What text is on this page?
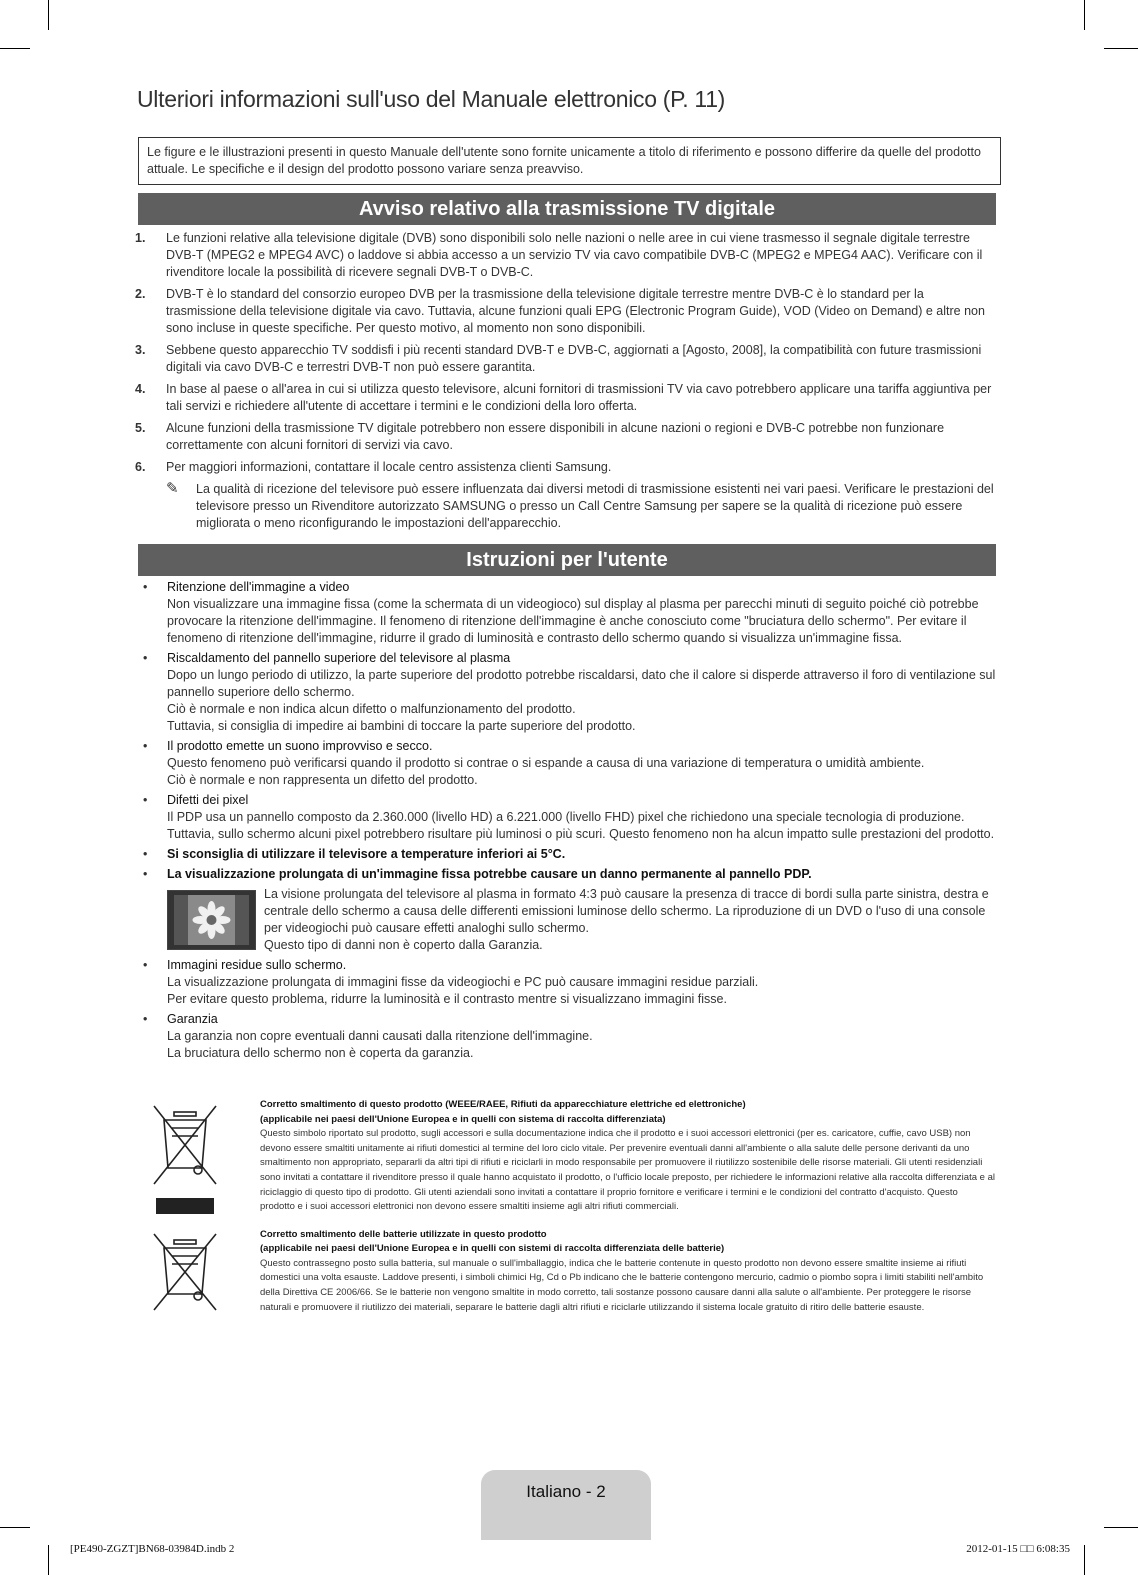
Ulteriori informazioni sull'uso del Manuale elettronico (P. 11)
Le figure e le illustrazioni presenti in questo Manuale dell'utente sono fornite unicamente a titolo di riferimento e possono differire da quelle del prodotto attuale. Le specifiche e il design del prodotto possono variare senza preavviso.
Avviso relativo alla trasmissione TV digitale
1. Le funzioni relative alla televisione digitale (DVB) sono disponibili solo nelle nazioni o nelle aree in cui viene trasmesso il segnale digitale terrestre DVB-T (MPEG2 e MPEG4 AVC) o laddove si abbia accesso a un servizio TV via cavo compatibile DVB-C (MPEG2 e MPEG4 AAC). Verificare con il rivenditore locale la possibilità di ricevere segnali DVB-T o DVB-C.
2. DVB-T è lo standard del consorzio europeo DVB per la trasmissione della televisione digitale terrestre mentre DVB-C è lo standard per la trasmissione della televisione digitale via cavo. Tuttavia, alcune funzioni quali EPG (Electronic Program Guide), VOD (Video on Demand) e altre non sono incluse in queste specifiche. Per questo motivo, al momento non sono disponibili.
3. Sebbene questo apparecchio TV soddisfi i più recenti standard DVB-T e DVB-C, aggiornati a [Agosto, 2008], la compatibilità con future trasmissioni digitali via cavo DVB-C e terrestri DVB-T non può essere garantita.
4. In base al paese o all'area in cui si utilizza questo televisore, alcuni fornitori di trasmissioni TV via cavo potrebbero applicare una tariffa aggiuntiva per tali servizi e richiedere all'utente di accettare i termini e le condizioni della loro offerta.
5. Alcune funzioni della trasmissione TV digitale potrebbero non essere disponibili in alcune nazioni o regioni e DVB-C potrebbe non funzionare correttamente con alcuni fornitori di servizi via cavo.
6. Per maggiori informazioni, contattare il locale centro assistenza clienti Samsung.
✎ La qualità di ricezione del televisore può essere influenzata dai diversi metodi di trasmissione esistenti nei vari paesi. Verificare le prestazioni del televisore presso un Rivenditore autorizzato SAMSUNG o presso un Call Centre Samsung per sapere se la qualità di ricezione può essere migliorata o meno riconfigurando le impostazioni dell'apparecchio.
Istruzioni per l'utente
• Ritenzione dell'immagine a video
Non visualizzare una immagine fissa (come la schermata di un videogioco) sul display al plasma per parecchi minuti di seguito poiché ciò potrebbe provocare la ritenzione dell'immagine. Il fenomeno di ritenzione dell'immagine è anche conosciuto come "bruciatura dello schermo". Per evitare il fenomeno di ritenzione dell'immagine, ridurre il grado di luminosità e contrasto dello schermo quando si visualizza un'immagine fissa.
• Riscaldamento del pannello superiore del televisore al plasma
Dopo un lungo periodo di utilizzo, la parte superiore del prodotto potrebbe riscaldarsi, dato che il calore si disperde attraverso il foro di ventilazione sul pannello superiore dello schermo.
Ciò è normale e non indica alcun difetto o malfunzionamento del prodotto.
Tuttavia, si consiglia di impedire ai bambini di toccare la parte superiore del prodotto.
• Il prodotto emette un suono improvviso e secco.
Questo fenomeno può verificarsi quando il prodotto si contrae o si espande a causa di una variazione di temperatura o umidità ambiente.
Ciò è normale e non rappresenta un difetto del prodotto.
• Difetti dei pixel
Il PDP usa un pannello composto da 2.360.000 (livello HD) a 6.221.000 (livello FHD) pixel che richiedono una speciale tecnologia di produzione. Tuttavia, sullo schermo alcuni pixel potrebbero risultare più luminosi o più scuri. Questo fenomeno non ha alcun impatto sulle prestazioni del prodotto.
• Si sconsiglia di utilizzare il televisore a temperature inferiori ai 5°C.
• La visualizzazione prolungata di un'immagine fissa potrebbe causare un danno permanente al pannello PDP.
La visione prolungata del televisore al plasma in formato 4:3 può causare la presenza di tracce di bordi sulla parte sinistra, destra e centrale dello schermo a causa delle differenti emissioni luminose dello schermo. La riproduzione di un DVD o l'uso di una console per videogiochi può causare effetti analoghi sullo schermo.
Questo tipo di danni non è coperto dalla Garanzia.
• Immagini residue sullo schermo.
La visualizzazione prolungata di immagini fisse da videogiochi e PC può causare immagini residue parziali.
Per evitare questo problema, ridurre la luminosità e il contrasto mentre si visualizzano immagini fisse.
• Garanzia
La garanzia non copre eventuali danni causati dalla ritenzione dell'immagine.
La bruciatura dello schermo non è coperta da garanzia.
Corretto smaltimento di questo prodotto (WEEE/RAEE, Rifiuti da apparecchiature elettriche ed elettroniche)
(applicabile nei paesi dell'Unione Europea e in quelli con sistema di raccolta differenziata)
Questo simbolo riportato sul prodotto, sugli accessori e sulla documentazione indica che il prodotto e i suoi accessori elettronici (per es. caricatore, cuffie, cavo USB) non devono essere smaltiti unitamente ai rifiuti domestici al termine del loro ciclo vitale. Per prevenire eventuali danni all'ambiente o alla salute delle persone derivanti da uno smaltimento non appropriato, separarli da altri tipi di rifiuti e riciclarli in modo responsabile per promuovere il riutilizzo sostenibile delle risorse materiali. Gli utenti residenziali sono invitati a contattare il rivenditore presso il quale hanno acquistato il prodotto, o l'ufficio locale preposto, per richiedere le informazioni relative alla raccolta differenziata e al riciclaggio di questo tipo di prodotto. Gli utenti aziendali sono invitati a contattare il proprio fornitore e verificare i termini e le condizioni del contratto d'acquisto. Questo prodotto e i suoi accessori elettronici non devono essere smaltiti insieme agli altri rifiuti commerciali.
Corretto smaltimento delle batterie utilizzate in questo prodotto
(applicabile nei paesi dell'Unione Europea e in quelli con sistemi di raccolta differenziata delle batterie)
Questo contrassegno posto sulla batteria, sul manuale o sull'imballaggio, indica che le batterie contenute in questo prodotto non devono essere smaltite insieme ai rifiuti domestici una volta esauste. Laddove presenti, i simboli chimici Hg, Cd o Pb indicano che le batterie contengono mercurio, cadmio o piombo sopra i limiti stabiliti nell'ambito della Direttiva CE 2006/66. Se le batterie non vengono smaltite in modo corretto, tali sostanze possono causare danni alla salute o all'ambiente. Per proteggere le risorse naturali e promuovere il riutilizzo dei materiali, separare le batterie dagli altri rifiuti e riciclarle utilizzando il sistema locale gratuito di ritiro delle batterie esauste.
Italiano - 2
[PE490-ZGZT]BN68-03984D.indb 2	2012-01-15 □□ 6:08:35
